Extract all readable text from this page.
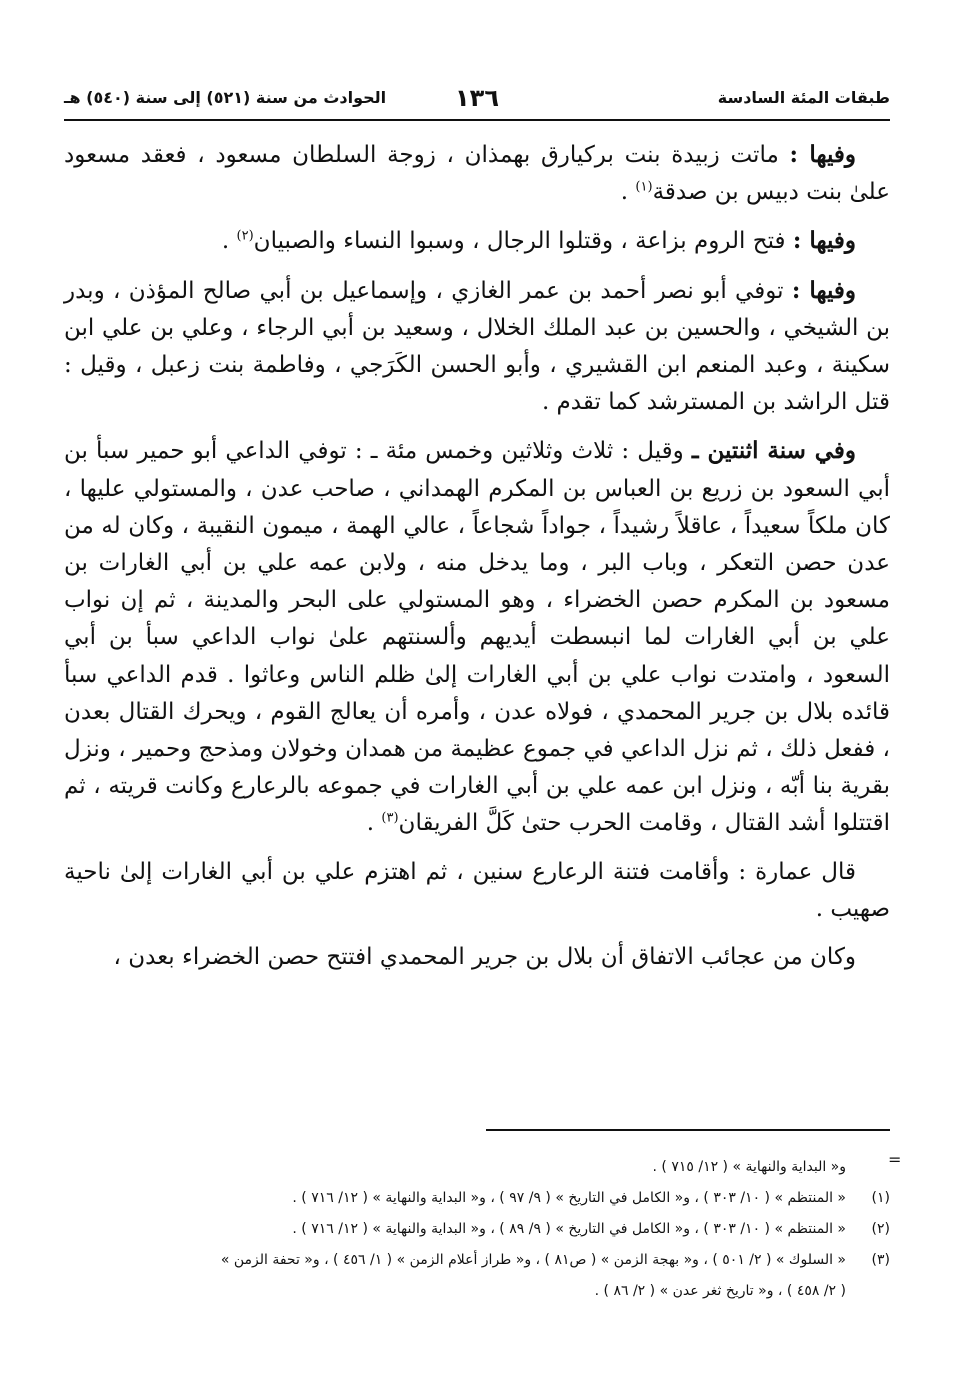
طبقات المئة السادسة
١٣٦
الحوادث من سنة (٥٢١) إلى سنة (٥٤٠) هـ

وفيها : ماتت زبيدة بنت بركيارق بهمذان ، زوجة السلطان مسعود ، فعقد مسعود علىٰ بنت دبيس بن صدقة$^{(١)}$ .

وفيها : فتح الروم بزاعة ، وقتلوا الرجال ، وسبوا النساء والصبيان$^{(٢)}$ .

وفيها : توفي أبو نصر أحمد بن عمر الغازي ، وإسماعيل بن أبي صالح المؤذن ، وبدر بن الشيخي ، والحسين بن عبد الملك الخلال ، وسعيد بن أبي الرجاء ، وعلي بن علي ابن سكينة ، وعبد المنعم ابن القشيري ، وأبو الحسن الكَرَجي ، وفاطمة بنت زعبل ، وقيل : قتل الراشد بن المسترشد كما تقدم .

وفي سنة اثنتين ـ وقيل : ثلاث وثلاثين وخمس مئة ـ : توفي الداعي أبو حمير سبأ بن أبي السعود بن زريع بن العباس بن المكرم الهمداني ، صاحب عدن ، والمستولي عليها ، كان ملكاً سعيداً ، عاقلاً رشيداً ، جواداً شجاعاً ، عالي الهمة ، ميمون النقيبة ، وكان له من عدن حصن التعكر ، وباب البر ، وما يدخل منه ، ولابن عمه علي بن أبي الغارات بن مسعود بن المكرم حصن الخضراء ، وهو المستولي على البحر والمدينة ، ثم إن نواب علي بن أبي الغارات لما انبسطت أيديهم وألسنتهم علىٰ نواب الداعي سبأ بن أبي السعود ، وامتدت نواب علي بن أبي الغارات إلىٰ ظلم الناس وعاثوا . قدم الداعي سبأ قائده بلال بن جرير المحمدي ، فولاه عدن ، وأمره أن يعالج القوم ، ويحرك القتال بعدن ، ففعل ذلك ، ثم نزل الداعي في جموع عظيمة من همدان وخولان ومذحج وحمير ، ونزل بقرية بنا أبّه ، ونزل ابن عمه علي بن أبي الغارات في جموعه بالرعارع وكانت قريته ، ثم اقتتلوا أشد القتال ، وقامت الحرب حتىٰ كَلَّ الفريقان$^{(٣)}$ .

قال عمارة : وأقامت فتنة الرعارع سنين ، ثم اهتزم علي بن أبي الغارات إلىٰ ناحية صهيب .

وكان من عجائب الاتفاق أن بلال بن جرير المحمدي افتتح حصن الخضراء بعدن ،

=
و« البداية والنهاية » ( ١٢/ ٧١٥ ) .
(١)« المنتظم » ( ١٠/ ٣٠٣ ) ، و« الكامل في التاريخ » ( ٩/ ٩٧ ) ، و« البداية والنهاية » ( ١٢/ ٧١٦ ) .
(٢)« المنتظم » ( ١٠/ ٣٠٣ ) ، و« الكامل في التاريخ » ( ٩/ ٨٩ ) ، و« البداية والنهاية » ( ١٢/ ٧١٦ ) .
(٣)« السلوك » ( ٢/ ٥٠١ ) ، و« بهجة الزمن » ( ص٨١ ) ، و« طراز أعلام الزمن » ( ١/ ٤٥٦ ) ، و« تحفة الزمن »
( ٢/ ٤٥٨ ) ، و« تاريخ ثغر عدن » ( ٢/ ٨٦ ) .
